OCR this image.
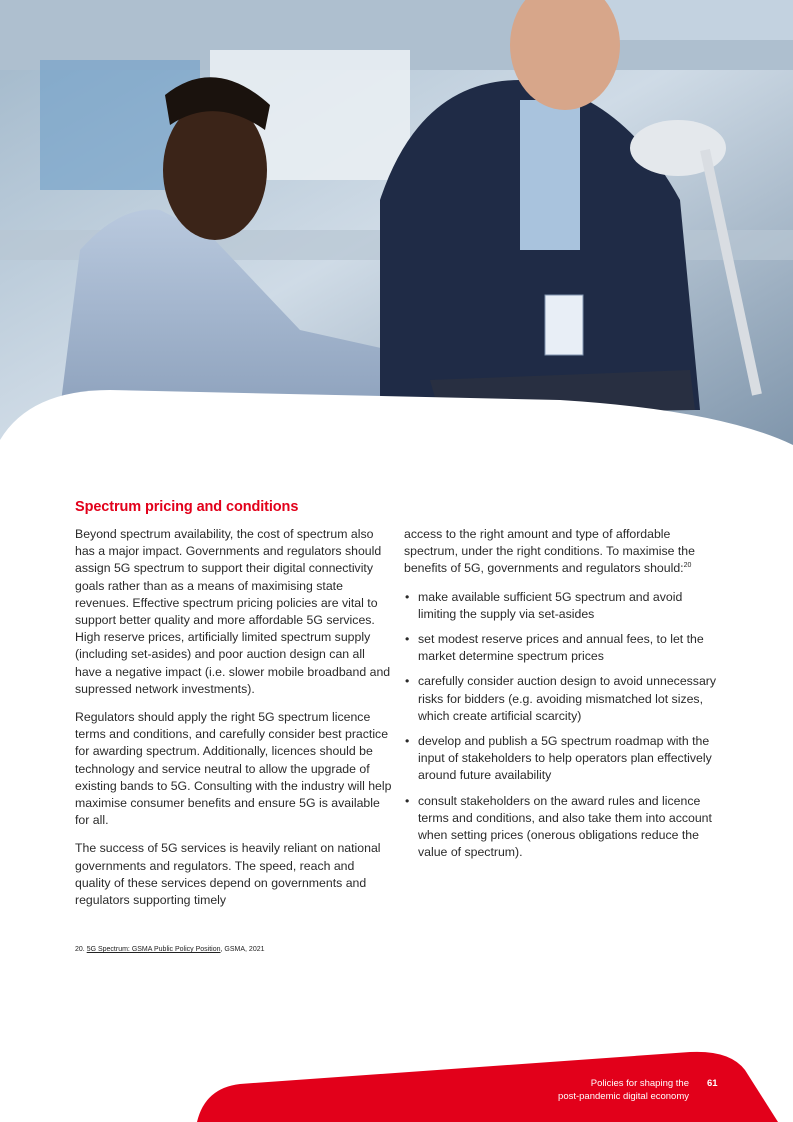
Spectrum pricing and conditions

Beyond spectrum availability, the cost of spectrum also has a major impact. Governments and regulators should assign 5G spectrum to support their digital connectivity goals rather than as a means of maximising state revenues. Effective spectrum pricing policies are vital to support better quality and more affordable 5G services. High reserve prices, artificially limited spectrum supply (including set-asides) and poor auction design can all have a negative impact (i.e. slower mobile broadband and supressed network investments).

Regulators should apply the right 5G spectrum licence terms and conditions, and carefully consider best practice for awarding spectrum. Additionally, licences should be technology and service neutral to allow the upgrade of existing bands to 5G. Consulting with the industry will help maximise consumer benefits and ensure 5G is available for all.

The success of 5G services is heavily reliant on national governments and regulators. The speed, reach and quality of these services depend on governments and regulators supporting timely

access to the right amount and type of affordable spectrum, under the right conditions. To maximise the benefits of 5G, governments and regulators should:$^{20}$

• make available sufficient 5G spectrum and avoid limiting the supply via set-asides
• set modest reserve prices and annual fees, to let the market determine spectrum prices
• carefully consider auction design to avoid unnecessary risks for bidders (e.g. avoiding mismatched lot sizes, which create artificial scarcity)
• develop and publish a 5G spectrum roadmap with the input of stakeholders to help operators plan effectively around future availability
• consult stakeholders on the award rules and licence terms and conditions, and also take them into account when setting prices (onerous obligations reduce the value of spectrum).
20. 5G Spectrum: GSMA Public Policy Position, GSMA, 2021
Policies for shaping the
post-pandemic digital economy
61
